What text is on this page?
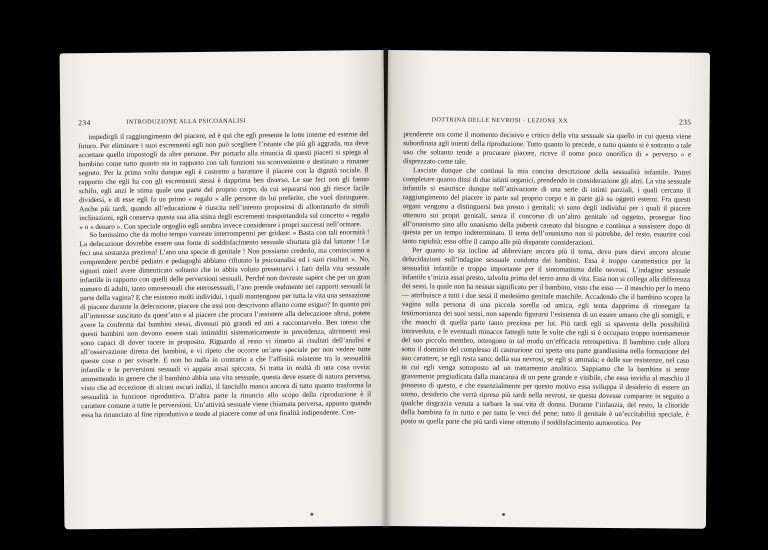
234	INTRODUZIONE ALLA PSICOANALISI

impedirgli il raggiungimento del piacere, ed è qui che egli presente le lotte interne ed esterne del futuro. Per eliminare i suoi escrementi egli non può scegliere l’istante che più gli aggrada, ma deve accettare quello impostogli da altre persone. Per portarlo alla rinuncia di questi piaceri si spiega al bambino come tutto quanto sta in rapporto con tali funzioni sia sconveniente e destinato a rimaner segreto. Per la prima volta dunque egli è costretto a barattare il piacere con la dignità sociale. Il rapporto che egli ha con gli escrementi stessi è dapprima ben diverso. Le sue feci non gli fanno schifo, egli anzi le stima quale una parte del proprio corpo, da cui separarsi non gli riesce facile dividersi, e di esse egli fa un primo « regalo » alle persone da lui preferite, che vuol distinguere. Anche più tardi, quando all’educazione è riuscita nell’intento propostosi di allontanarlo da simili inclinazioni, egli conserva questa sua alta stima degli escrementi trasportandola sul concetto « regalo » o « denaro ». Con speciale orgoglio egli sembra invece considerare i propri successi nell’orinare.

So benissimo che da molto tempo vorreste interrompermi per gridare: « Basta con tali enormità ! La defecazione dovrebbe essere una fonte di soddisfacimento sessuale sfruttata già dal lattante ! Le feci una sostanza preziosa! L’ano una specie di genitale ! Non possiamo crederlo, ma cominciamo a comprendere perché pediatri e pedagoghi abbiano rifiutato la psicoanalisi ed i suoi risultati ». No, signori miei! avete dimenticato soltanto che io abbia voluto presentarvi i fatti della vita sessuale infantile in rapporto con quelli delle perversioni sessuali. Perché non dovreste sapere che per un gran numero di adulti, tanto omosessuali che eterosessuali, l’ano prende realmente nei rapporti sessuali la parte della vagina? E che esistono molti individui, i quali mantengono per tutta la vita una sensazione di piacere durante la defecazione, piacere che essi non descrivono affatto come esiguo? In quanto poi all’interesse suscitato da quest’atto e al piacere che procura l’assistere alla defecazione altrui, potete avere la conferma dai bambini stessi, divenuti più grandi ed atti a raccontarvelo. Ben inteso che questi bambini non devono essere stati intimiditi sistematicamente in precedenza, altrimenti essi sono capaci di dover tacere in proposito. Riguardo al resto vi rimetto ai risultati dell’analisi e all’osservazione diretta dei bambini, e vi ripeto che occorre un’arte speciale per non vedere tutte queste cose o per svisarle. E non ho nulla in contrario a che l’affinità esistente tra la sessualità infantile e le perversioni sessuali vi appaia assai spiccata. Si tratta in realtà di una cosa ovvia: ammettendo in genere che il bambino abbia una vita sessuale, questa deve essere di natura perversa, visto che ad eccezione di alcuni oscuri indizi, il fanciullo manca ancora di tutto quanto trasforma la sessualità in funzione riproduttiva. D’altra parte la rinuncia allo scopo della riproduzione è il carattere comune a tutte le perversioni. Un’attività sessuale viene chiamata perversa, appunto quando essa ha rinunciato al fine riproduttivo e tende al piacere come ad una finalità indipendente. Con-

DOTTRINA DELLE NEVROSI · LEZIONE XX	235

prenderete ora come il momento decisivo e critico della vita sessuale sia quello in cui questa viene subordinata agli intenti della riproduzione. Tutto quanto lo precede, e tutto quanto si è sottratto a tale uso che soltanto tende a procurare piacere, riceve il nome poco onorifico di « perverso » e disprezzato come tale.

Lasciate dunque che continui la mia concisa descrizione della sessualità infantile. Potrei completare quanto dissi di due istinti organici, prendendo in considerazione gli altri. La vita sessuale infantile si esaurisce dunque nell’attivazione di una serie di istinti parziali, i quali cercano il raggiungimento del piacere in parte sul proprio corpo e in parte già su oggetti esterni. Fra questi organi vengono a distinguersi ben presto i genitali; vi sono degli individui per i quali il piacere ottenuto sui propri genitali, senza il concorso di un’altro genitale od oggetto, prosegue fino all’onanismo sino allo onanismo della pubertà causato dal bisogno e continua a sussistere dopo di questa per un tempo indeterminato. Il tema dell’onanismo non si potrebbe, del resto, esaurire così tanto rapidità; esso offre il campo alle più disparate considerazioni.

Per quanto io sia incline ad abbreviare ancora più il tema, devo pure darvi ancora alcune delucidazioni sull’indagine sessuale condotta dai bambini. Essa è troppo caratteristica per la sessualità infantile e troppo importante per il sintomatismo delle nevrosi. L’indagine sessuale infantile s’inizia assai presto, talvolta prima del terzo anno di vita. Essa non si collega alla differenza dei sessi, la quale non ha nessun significato per il bambino, visto che esso — il maschio per lo meno — attribuisce a tutti i due sessi il medesimo genitale maschile. Accadendo che il bambino scopra la vagina sulla persona di una piccola sorella od amica, egli tenta dapprima di rinnegare la testimonianza dei suoi sensi, non sapendo figurarsi l’esistenza di un essere umano che gli somigli, e che manchi di quella parte tanto preziosa per lui. Più tardi egli si spaventa della possibilità intraveduta, e le eventuali minacce fattegli tutte le volte che egli si è occupato troppo intensamente del suo piccolo membro, ottengono in tal modo un’efficacia retrospettiva. Il bambino cade allora sotto il dominio del complesso di castrazione cui spetta una parte grandissima nella formazione del suo carattere, se egli resta sano; della sua nevrosi, se egli si ammala; e delle sue resistenze, nel caso in cui egli venga sottoposto ad un trattamento analitico. Sappiamo che la bambina si sente gravemente pregiudicata dalla mancanza di un pene grande e visibile, che essa invidia al maschio il possesso di questo, e che essenzialmente per questo motivo essa sviluppa il desiderio di essere un uomo, desiderio che verrà ripreso più tardi nella nevrosi, se questa dovesse comparire in seguito a qualche disgrazia venuta a turbare la sua vita di donna. Durante l’infanzia, del resto, la clitoride della bambina fa in tutto e per tutto le veci del pene; tutto il genitale è un’eccitabilità speciale, è posto su quella parte che più tardi viene ottenuto il soddisfacimento autoerotico. Per
